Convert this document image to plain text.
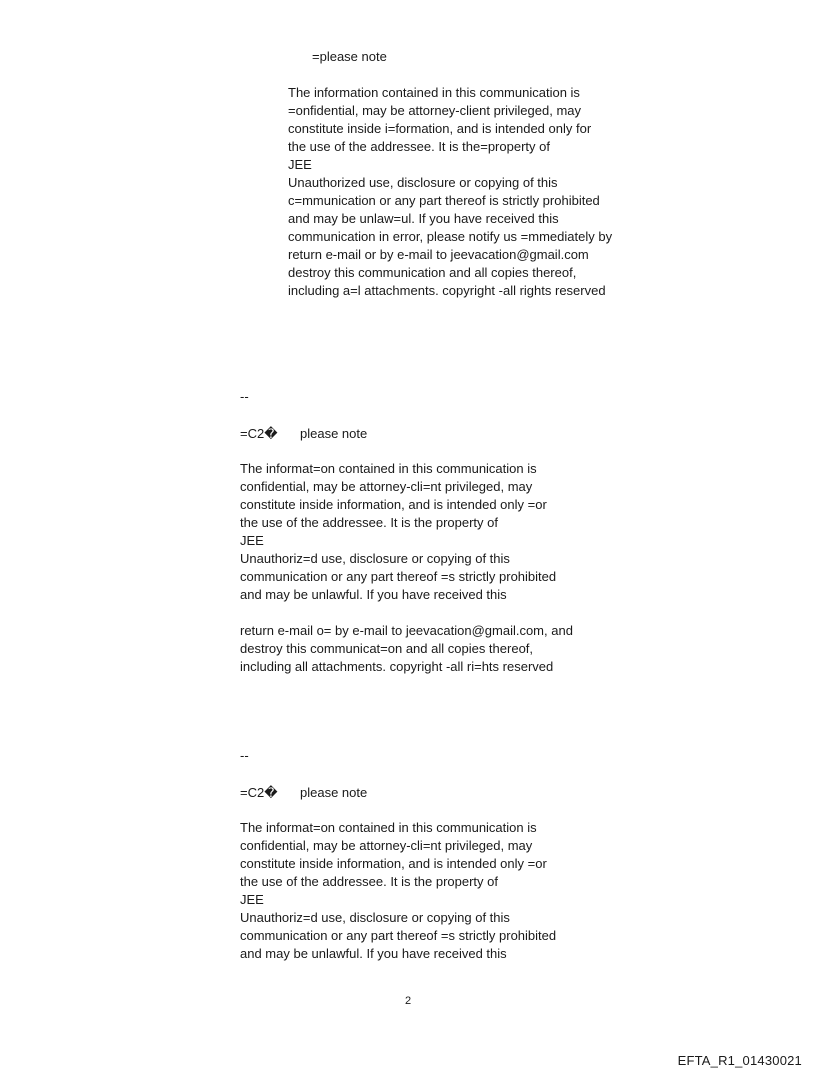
=please note
The information contained in this communication is
=onfidential, may be attorney-client privileged, may
constitute inside i=formation, and is intended only for
the use of the addressee. It is the=property of
JEE
Unauthorized use, disclosure or copying of this
c=mmunication or any part thereof is strictly prohibited
and may be unlaw=ul. If you have received this
communication in error, please notify us =mmediately by
return e-mail or by e-mail to jeevacation@gmail.com
destroy this communication and all copies thereof,
including a=l attachments. copyright -all rights reserved
--
=C2� please note
The informat=on contained in this communication is
confidential, may be attorney-cli=nt privileged, may
constitute inside information, and is intended only =or
the use of the addressee. It is the property of
JEE
Unauthoriz=d use, disclosure or copying of this
communication or any part thereof =s strictly prohibited
and may be unlawful. If you have received this
return e-mail o= by e-mail to jeevacation@gmail.com, and
destroy this communicat=on and all copies thereof,
including all attachments. copyright -all ri=hts reserved
--
=C2� please note
The informat=on contained in this communication is
confidential, may be attorney-cli=nt privileged, may
constitute inside information, and is intended only =or
the use of the addressee. It is the property of
JEE
Unauthoriz=d use, disclosure or copying of this
communication or any part thereof =s strictly prohibited
and may be unlawful. If you have received this
2
EFTA_R1_01430021
